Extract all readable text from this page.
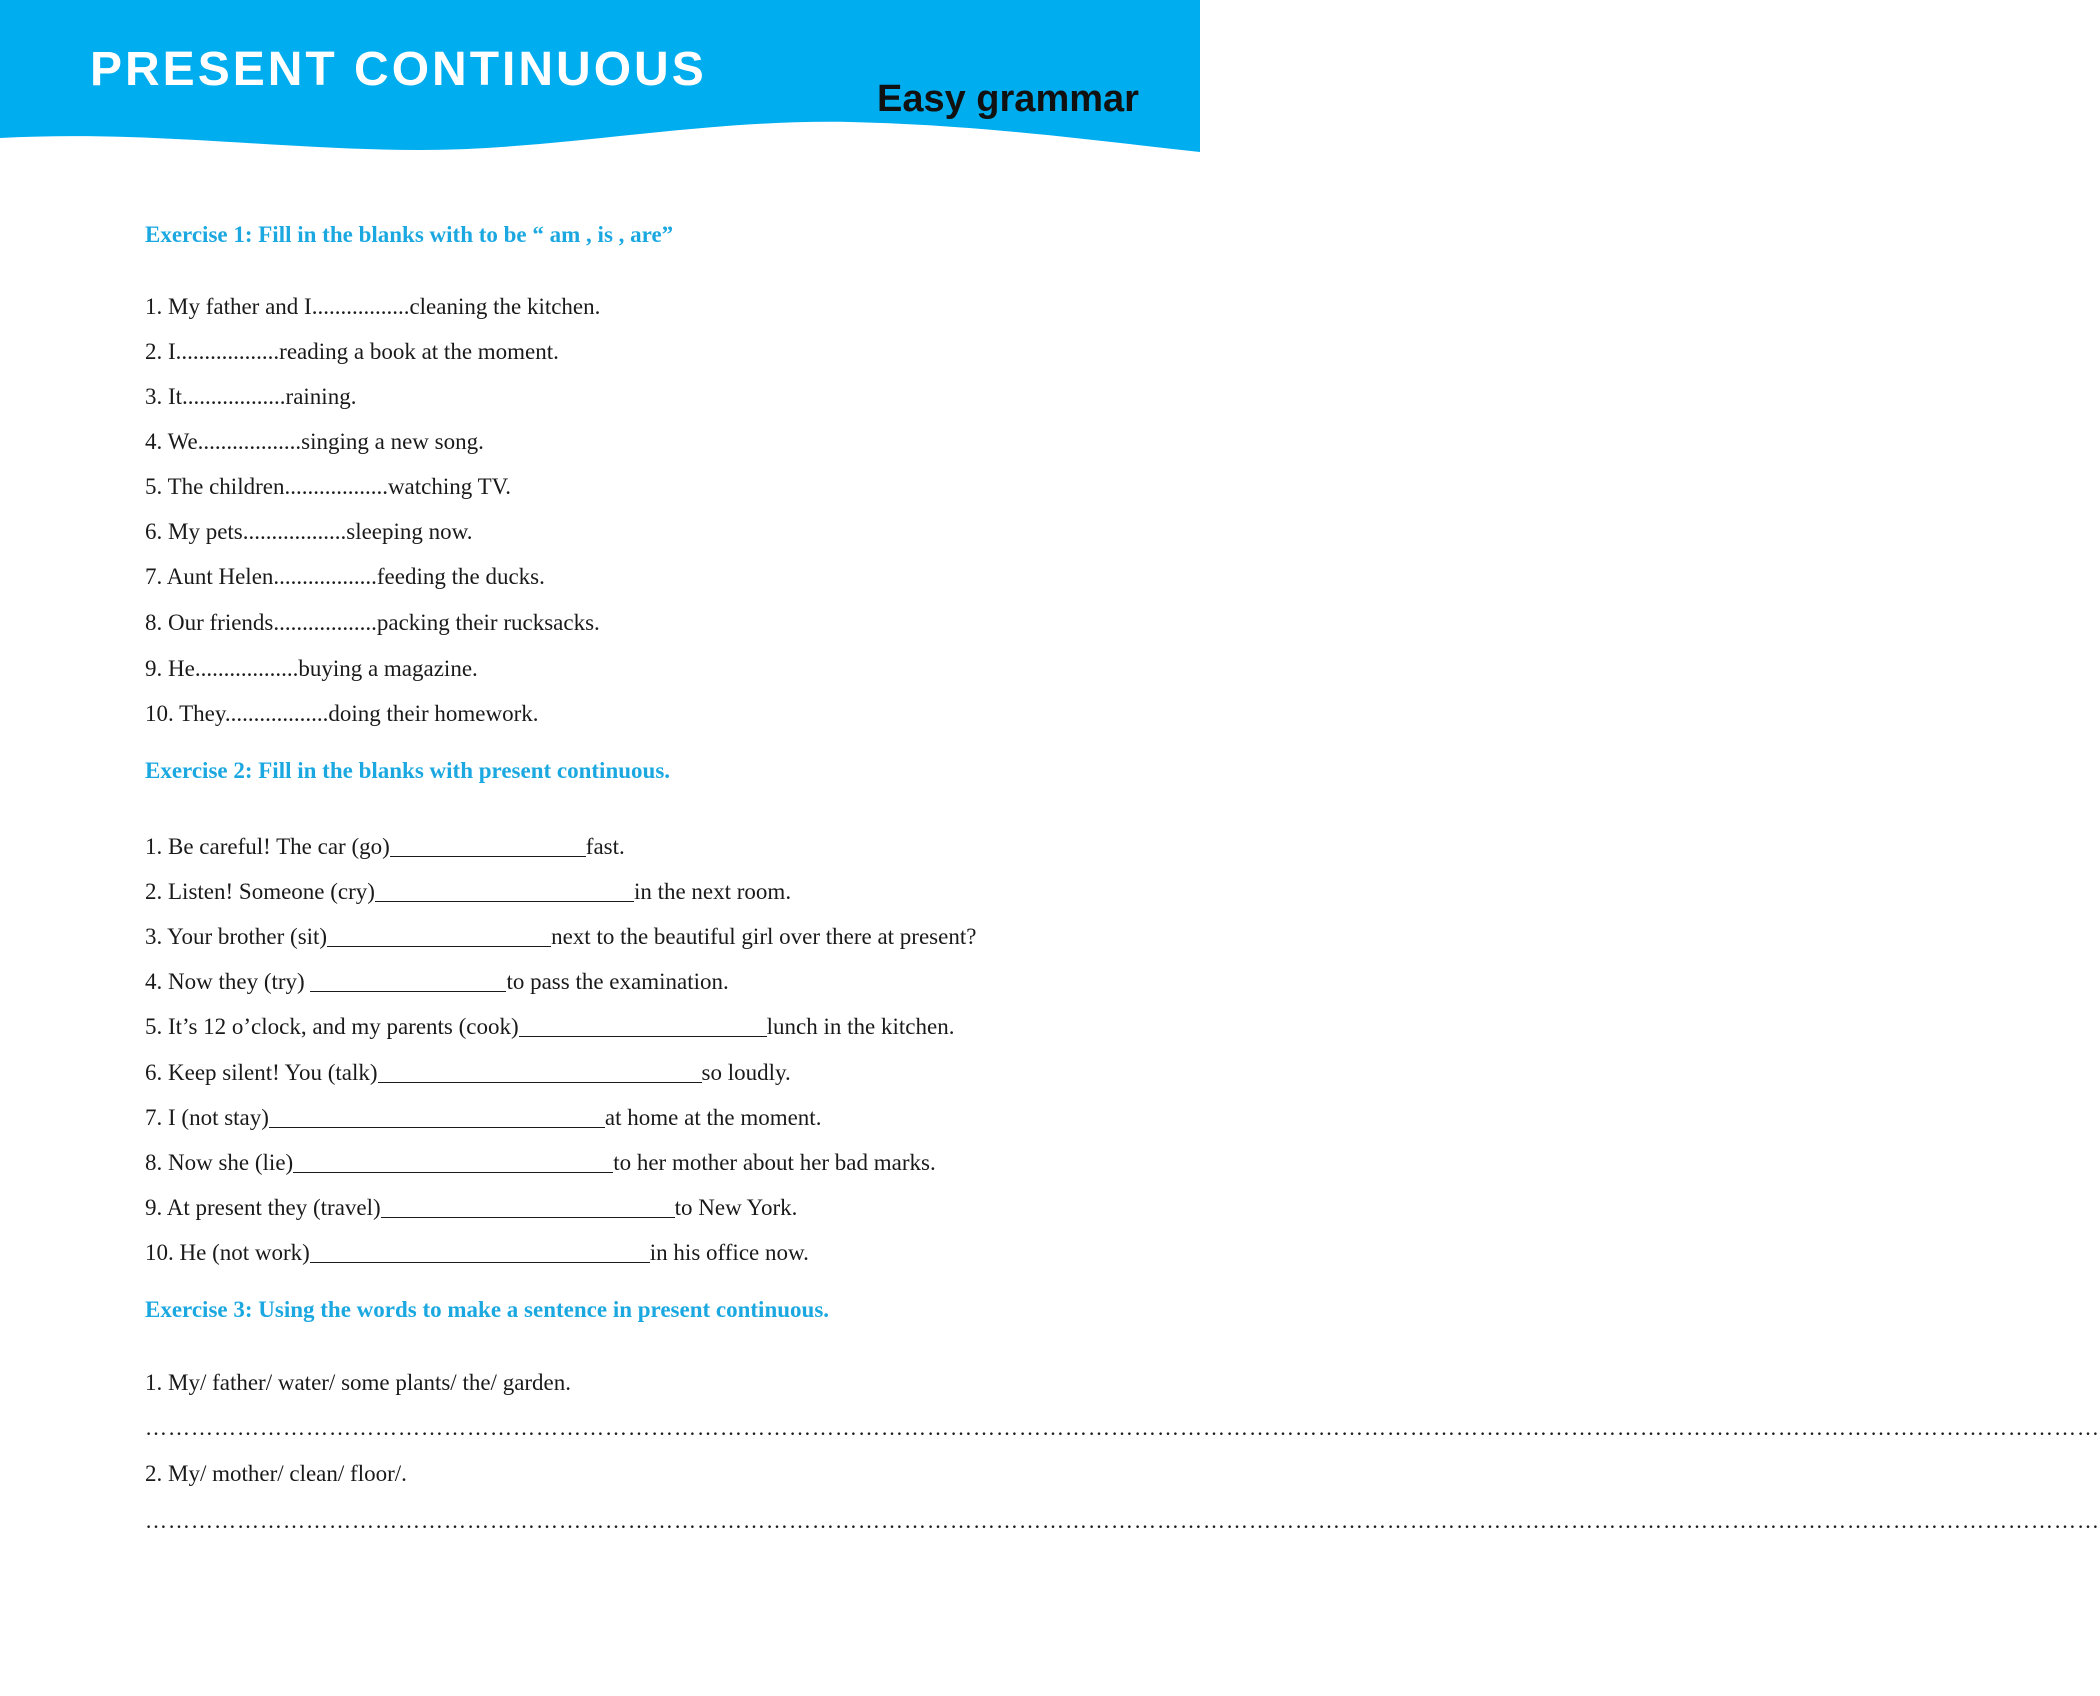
PRESENT CONTINUOUS
Easy grammar
Exercise 1: Fill in the blanks with to be “ am , is , are”
1. My father and I.................cleaning the kitchen.
2. I..................reading a book at the moment.
3. It..................raining.
4. We..................singing a new song.
5. The children..................watching TV.
6. My pets..................sleeping now.
7. Aunt Helen..................feeding the ducks.
8. Our friends..................packing their rucksacks.
9. He..................buying a magazine.
10. They..................doing their homework.
Exercise 2: Fill in the blanks with present continuous.
1. Be careful! The car (go)	fast.
2. Listen! Someone (cry)	in the next room.
3. Your brother (sit)	next to the beautiful girl over there at present?
4. Now they (try)	to pass the examination.
5. It’s 12 o’clock, and my parents (cook)	lunch in the kitchen.
6. Keep silent! You (talk)	so loudly.
7. I (not stay)	at home at the moment.
8. Now she (lie)	to her mother about her bad marks.
9. At present they (travel)	to New York.
10. He (not work)	in his office now.
Exercise 3: Using the words to make a sentence in present continuous.
1. My/ father/ water/ some plants/ the/ garden.
…………………………………………………………………………………………………………………………………………………………………………………………………………………………………
2. My/ mother/ clean/ floor/.
…………………………………………………………………………………………………………………………………………………………………………………………………………………………………
